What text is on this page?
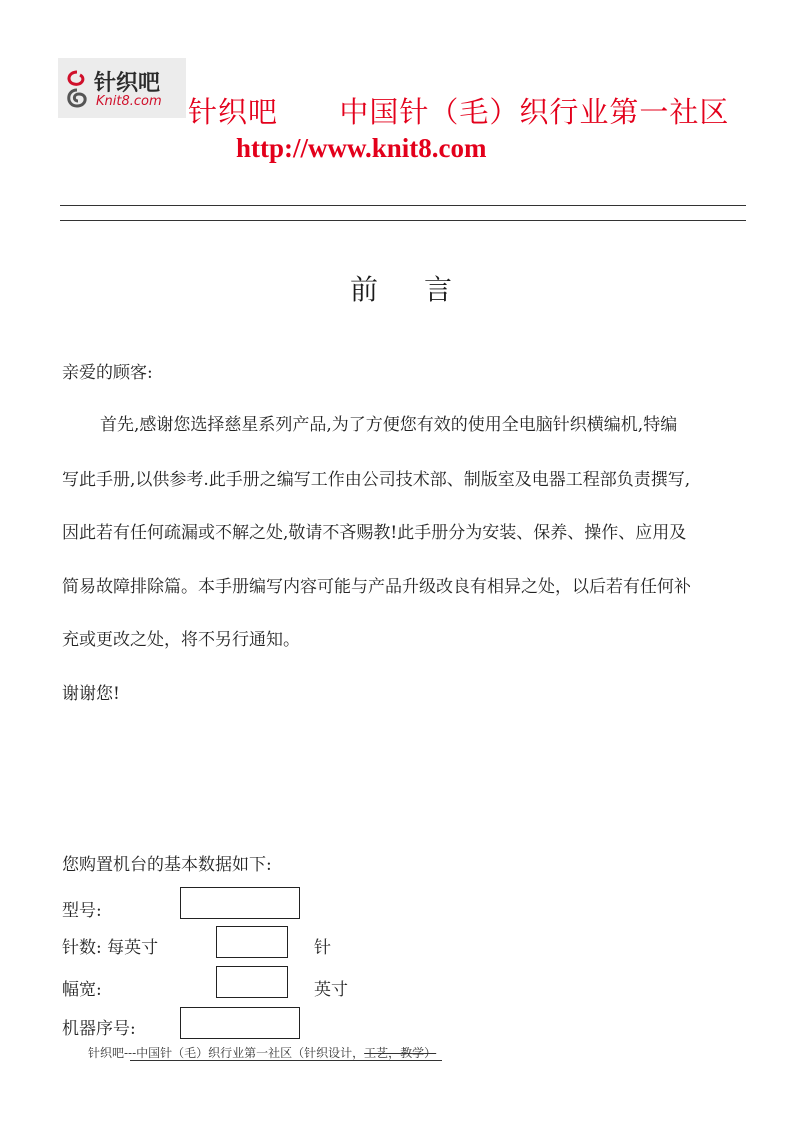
针织吧
Knit8.com 针织吧 中国针（毛）织行业第一社区
http://www.knit8.com
前言
亲爱的顾客:
首先,感谢您选择慈星系列产品,为了方便您有效的使用全电脑针织横编机,特编
写此手册,以供参考.此手册之编写工作由公司技术部、制版室及电器工程部负责撰写,
因此若有任何疏漏或不解之处,敬请不吝赐教!此手册分为安装、保养、操作、应用及
简易故障排除篇。本手册编写内容可能与产品升级改良有相异之处，以后若有任何补
充或更改之处，将不另行通知。
谢谢您!
您购置机台的基本数据如下:
型号:
针数: 每英寸	针
幅宽:	英寸
机器序号:
针织吧---中国针（毛）织行业第一社区（针织设计，工艺，教学）
